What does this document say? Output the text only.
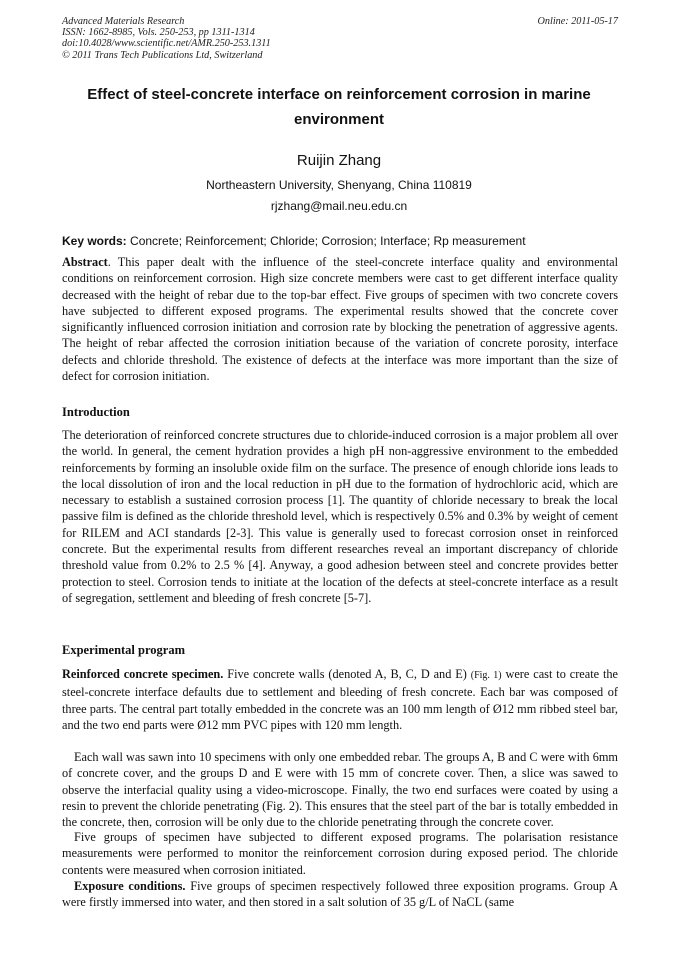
Advanced Materials Research
ISSN: 1662-8985, Vols. 250-253, pp 1311-1314
doi:10.4028/www.scientific.net/AMR.250-253.1311
© 2011 Trans Tech Publications Ltd, Switzerland
Online: 2011-05-17
Effect of steel-concrete interface on reinforcement corrosion in marine
environment
Ruijin Zhang
Northeastern University, Shenyang, China 110819
rjzhang@mail.neu.edu.cn
Key words: Concrete; Reinforcement; Chloride; Corrosion; Interface; Rp measurement
Abstract. This paper dealt with the influence of the steel-concrete interface quality and environmental conditions on reinforcement corrosion. High size concrete members were cast to get different interface quality decreased with the height of rebar due to the top-bar effect. Five groups of specimen with two concrete covers have subjected to different exposed programs. The experimental results showed that the concrete cover significantly influenced corrosion initiation and corrosion rate by blocking the penetration of aggressive agents. The height of rebar affected the corrosion initiation because of the variation of concrete porosity, interface defects and chloride threshold. The existence of defects at the interface was more important than the size of defect for corrosion initiation.
Introduction
The deterioration of reinforced concrete structures due to chloride-induced corrosion is a major problem all over the world. In general, the cement hydration provides a high pH non-aggressive environment to the embedded reinforcements by forming an insoluble oxide film on the surface. The presence of enough chloride ions leads to the local dissolution of iron and the local reduction in pH due to the formation of hydrochloric acid, which are necessary to establish a sustained corrosion process [1]. The quantity of chloride necessary to break the local passive film is defined as the chloride threshold level, which is respectively 0.5% and 0.3% by weight of cement for RILEM and ACI standards [2-3]. This value is generally used to forecast corrosion onset in reinforced concrete. But the experimental results from different researches reveal an important discrepancy of chloride threshold value from 0.2% to 2.5 % [4]. Anyway, a good adhesion between steel and concrete provides better protection to steel. Corrosion tends to initiate at the location of the defects at steel-concrete interface as a result of segregation, settlement and bleeding of fresh concrete [5-7].
Experimental program
Reinforced concrete specimen. Five concrete walls (denoted A, B, C, D and E) (Fig. 1) were cast to create the steel-concrete interface defaults due to settlement and bleeding of fresh concrete. Each bar was composed of three parts. The central part totally embedded in the concrete was an 100 mm length of Ø12 mm ribbed steel bar, and the two end parts were Ø12 mm PVC pipes with 120 mm length.
Each wall was sawn into 10 specimens with only one embedded rebar. The groups A, B and C were with 6mm of concrete cover, and the groups D and E were with 15 mm of concrete cover. Then, a slice was sawed to observe the interfacial quality using a video-microscope. Finally, the two end surfaces were coated by using a resin to prevent the chloride penetrating (Fig. 2). This ensures that the steel part of the bar is totally embedded in the concrete, then, corrosion will be only due to the chloride penetrating through the concrete cover.
Five groups of specimen have subjected to different exposed programs. The polarisation resistance measurements were performed to monitor the reinforcement corrosion during exposed period. The chloride contents were measured when corrosion initiated.
Exposure conditions. Five groups of specimen respectively followed three exposition programs. Group A were firstly immersed into water, and then stored in a salt solution of 35 g/L of NaCL (same
